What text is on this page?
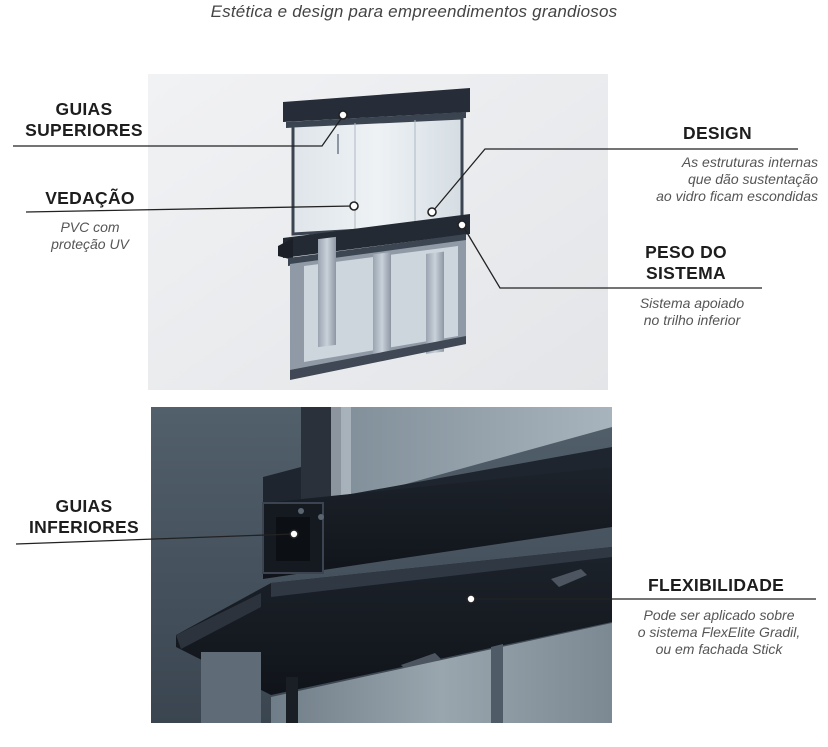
Estética e design para empreendimentos grandiosos
GUIAS
SUPERIORES
VEDAÇÃO
PVC com
proteção UV
DESIGN
As estruturas internas
que dão sustentação
ao vidro ficam escondidas
PESO DO
SISTEMA
Sistema apoiado
no trilho inferior
GUIAS
INFERIORES
FLEXIBILIDADE
Pode ser aplicado sobre
o sistema FlexElite Gradil,
ou em fachada Stick
